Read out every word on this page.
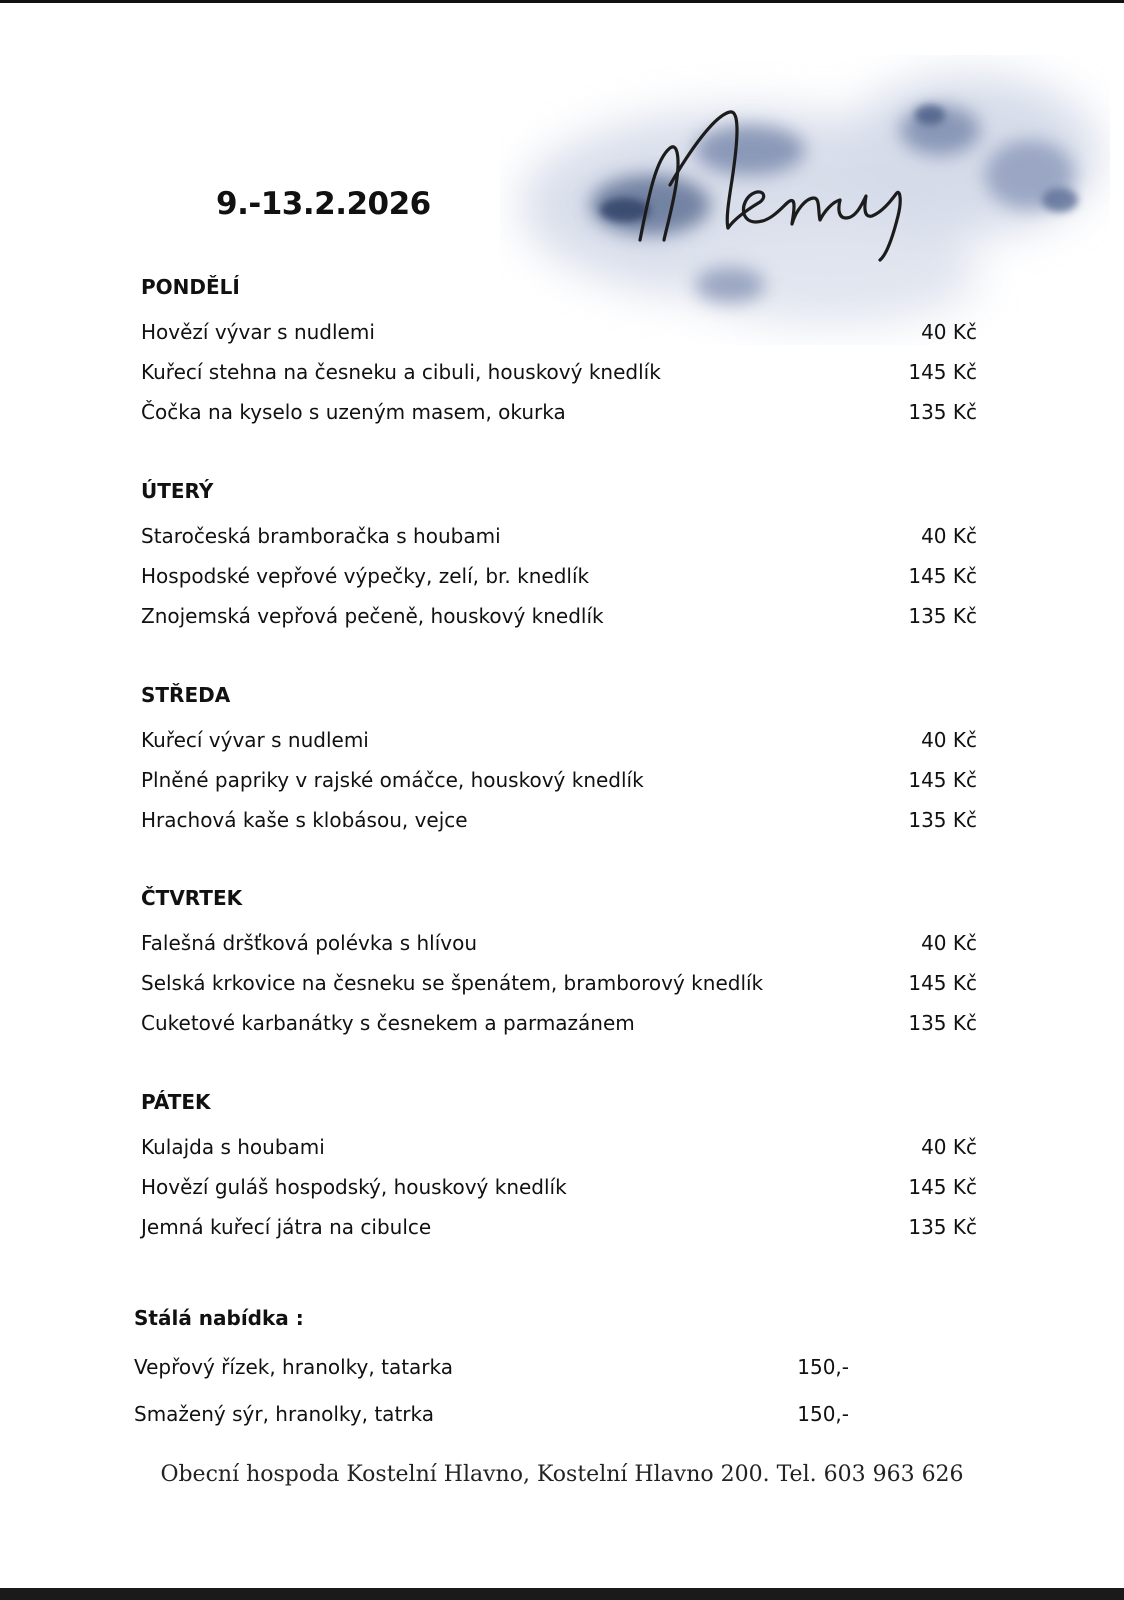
Menu
9.-13.2.2026
PONDĚLÍ
Hovězí vývar s nudlemi	40 Kč
Kuřecí stehna na česneku a cibuli, houskový knedlík	145 Kč
Čočka na kyselo s uzeným masem, okurka	135 Kč
ÚTERÝ
Staročeská bramboračka s houbami	40 Kč
Hospodské vepřové výpečky, zelí, br. knedlík	145 Kč
Znojemská vepřová pečeně, houskový knedlík	135 Kč
STŘEDA
Kuřecí vývar s nudlemi	40 Kč
Plněné papriky v rajské omáčce, houskový knedlík	145 Kč
Hrachová kaše s klobásou, vejce	135 Kč
ČTVRTEK
Falešná dršťková polévka s hlívou	40 Kč
Selská krkovice na česneku se špenátem, bramborový knedlík	145 Kč
Cuketové karbanátky s česnekem a parmazánem	135 Kč
PÁTEK
Kulajda s houbami	40 Kč
Hovězí guláš hospodský, houskový knedlík	145 Kč
Jemná kuřecí játra na cibulce	135 Kč
Stálá nabídka :
Vepřový řízek, hranolky, tatarka	150,-
Smažený sýr, hranolky, tatrka	150,-
Obecní hospoda Kostelní Hlavno, Kostelní Hlavno 200. Tel. 603 963 626
